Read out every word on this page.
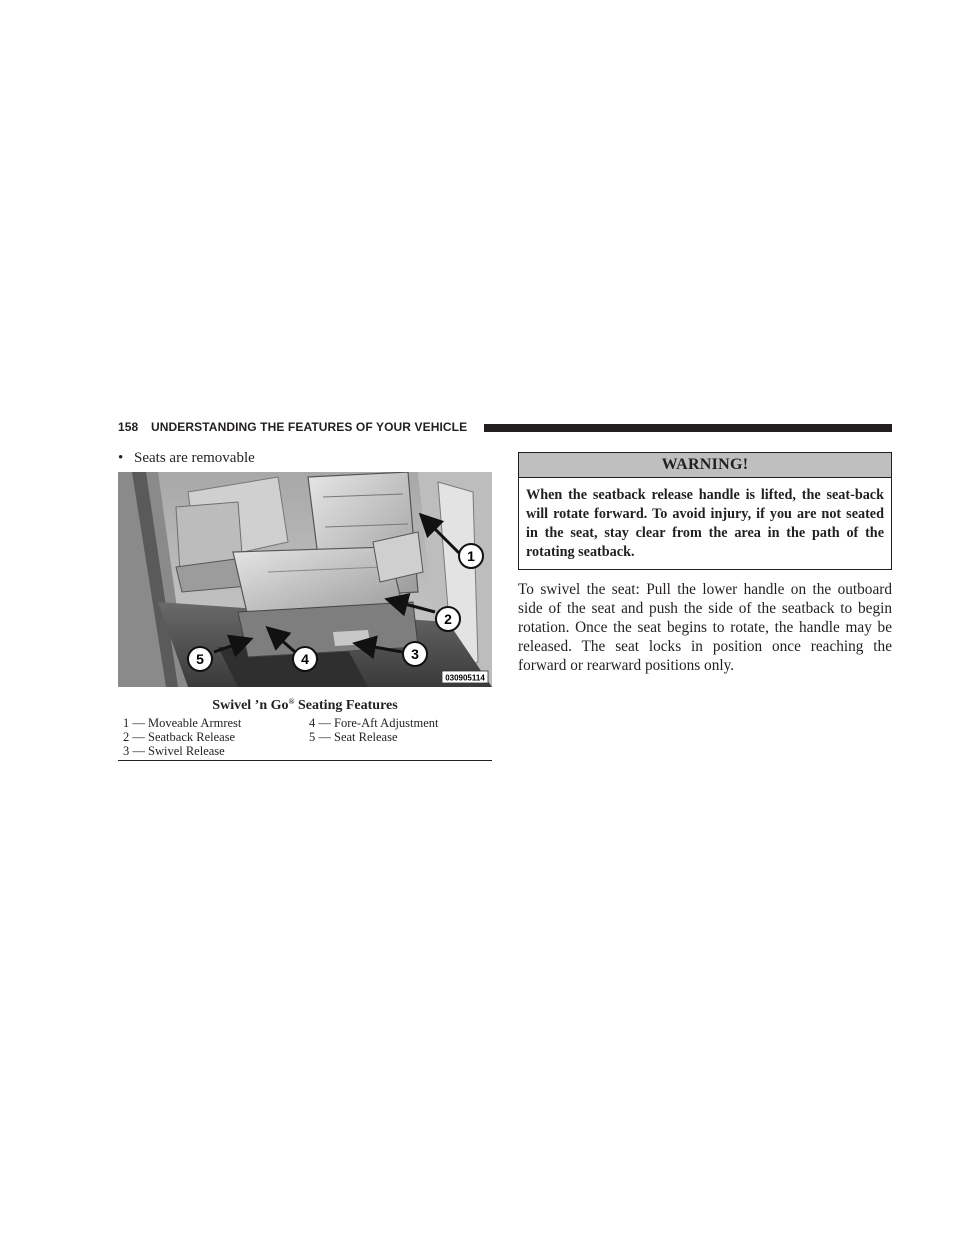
158 UNDERSTANDING THE FEATURES OF YOUR VEHICLE
• Seats are removable
1
2
3
4
5
030905114
Swivel ’n Go® Seating Features
1 — Moveable Armrest
2 — Seatback Release
3 — Swivel Release
4 — Fore-Aft Adjustment
5 — Seat Release
WARNING!
When the seatback release handle is lifted, the seat-back will rotate forward. To avoid injury, if you are not seated in the seat, stay clear from the area in the path of the rotating seatback.
To swivel the seat: Pull the lower handle on the outboard side of the seat and push the side of the seatback to begin rotation. Once the seat begins to rotate, the handle may be released. The seat locks in position once reaching the forward or rearward positions only.
